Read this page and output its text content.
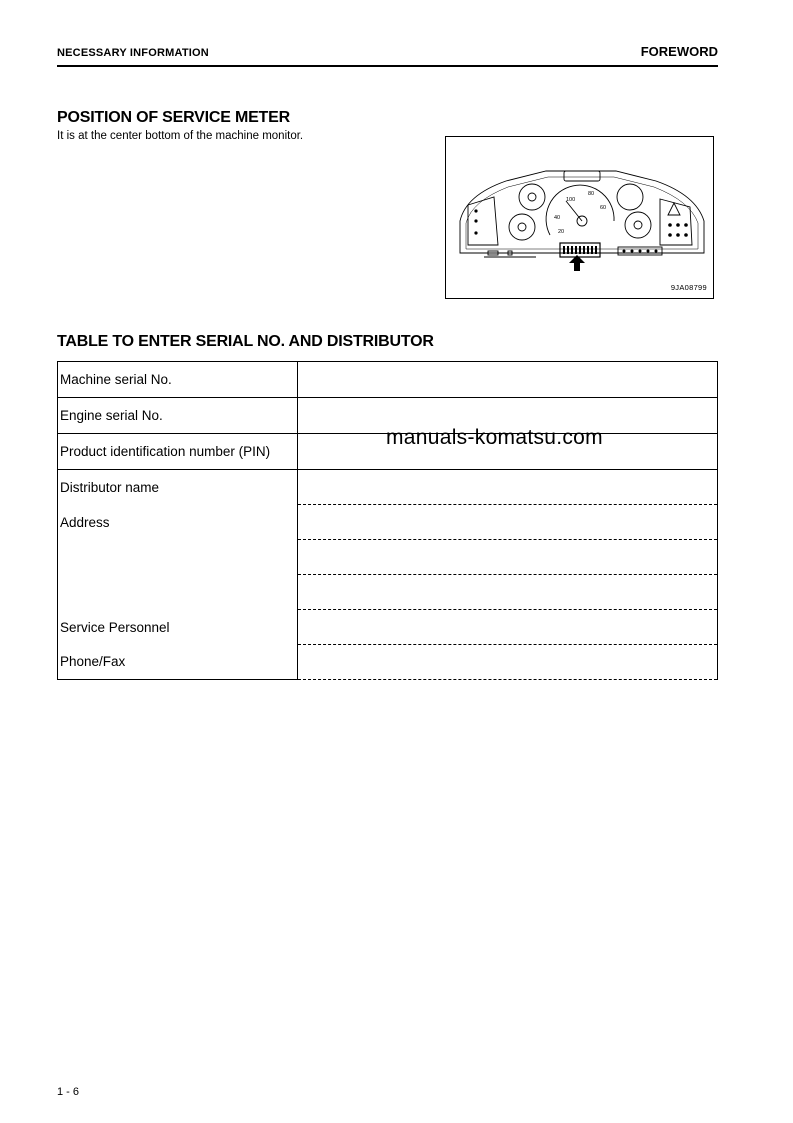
NECESSARY INFORMATION	FOREWORD
POSITION OF SERVICE METER
It is at the center bottom of the machine monitor.
100
80
60
40
20
9JA08799
TABLE TO ENTER SERIAL NO. AND DISTRIBUTOR
Machine serial No.	
Engine serial No.	
Product identification number (PIN)	
Distributor name	
Address	

Service Personnel	
Phone/Fax	
manuals-komatsu.com
1 - 6
